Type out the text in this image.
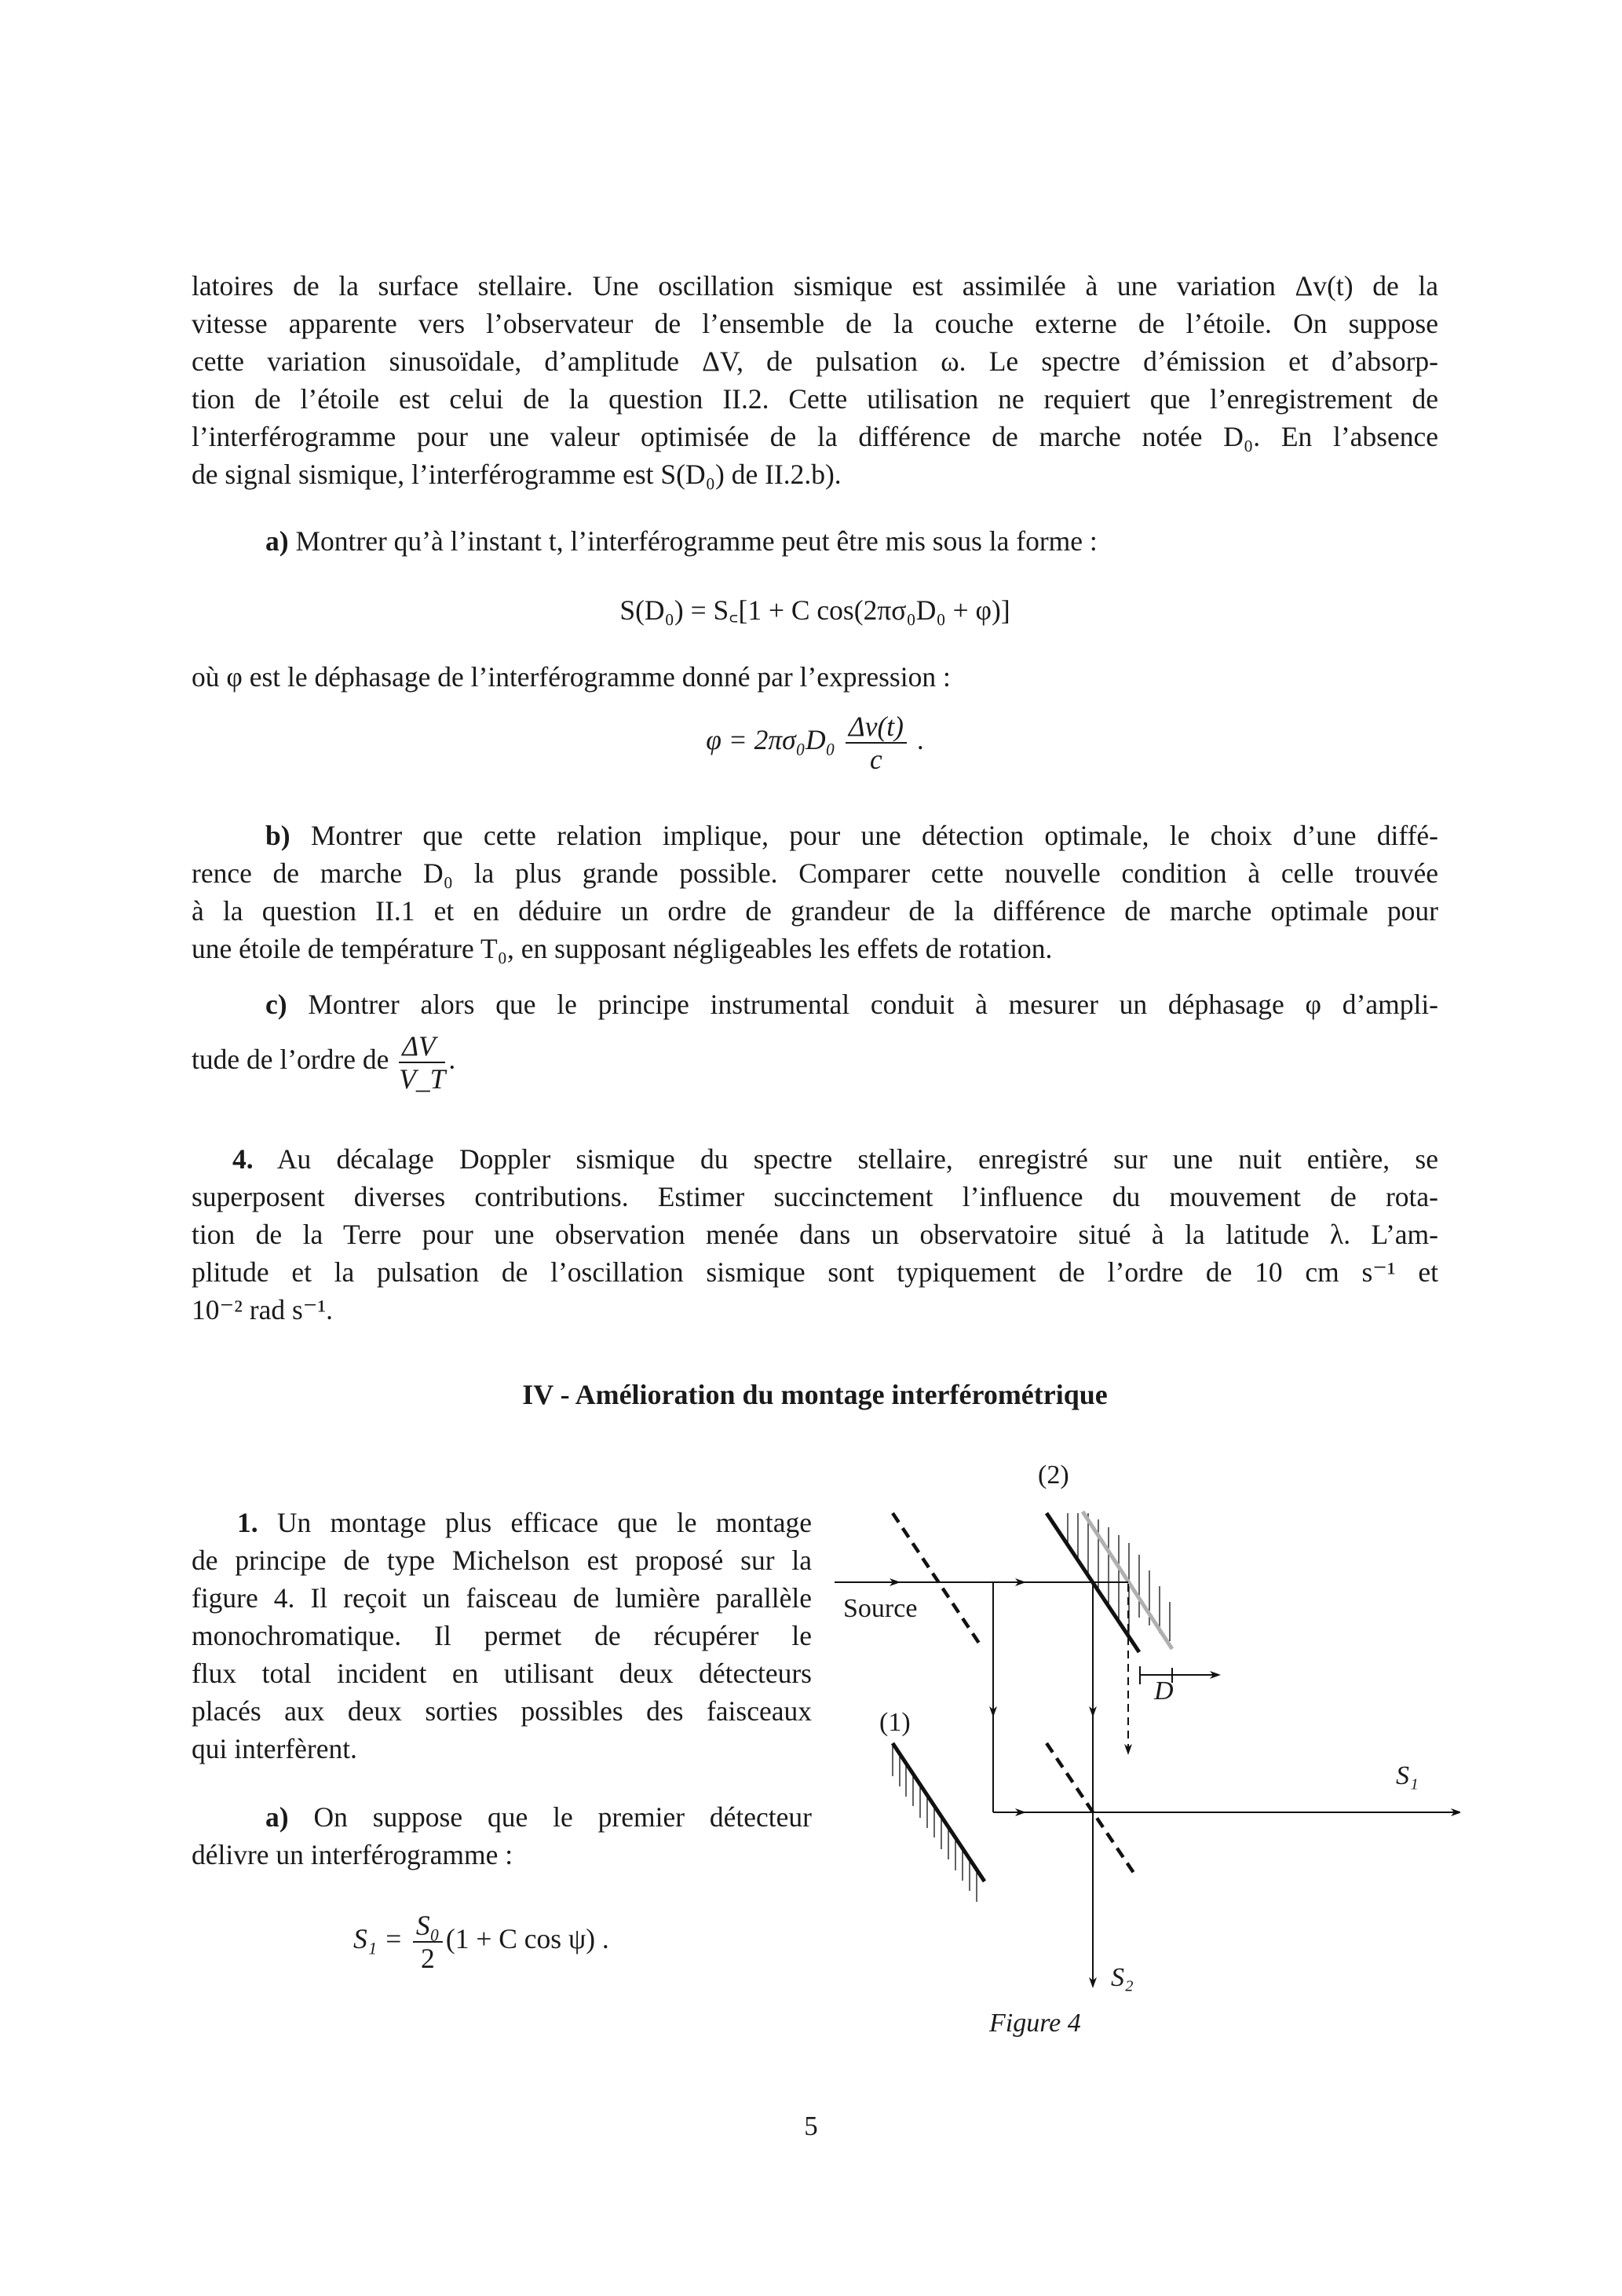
latoires de la surface stellaire. Une oscillation sismique est assimilée à une variation Δv(t) de la
vitesse apparente vers l’observateur de l’ensemble de la couche externe de l’étoile. On suppose
cette variation sinusoïdale, d’amplitude ΔV, de pulsation ω. Le spectre d’émission et d’absorp-
tion de l’étoile est celui de la question II.2. Cette utilisation ne requiert que l’enregistrement de
l’interférogramme pour une valeur optimisée de la différence de marche notée D₀. En l’absence
de signal sismique, l’interférogramme est S(D₀) de II.2.b).
a) Montrer qu’à l’instant t, l’interférogramme peut être mis sous la forme :
S(D₀) = S꜀[1 + C cos(2πσ₀D₀ + φ)]
où φ est le déphasage de l’interférogramme donné par l’expression :
$\varphi = 2\pi\sigma_0D_0 \frac{\Delta v(t)}{c}$ .
b) Montrer que cette relation implique, pour une détection optimale, le choix d’une diffé-
rence de marche D₀ la plus grande possible. Comparer cette nouvelle condition à celle trouvée
à la question II.1 et en déduire un ordre de grandeur de la différence de marche optimale pour
une étoile de température T₀, en supposant négligeables les effets de rotation.
c) Montrer alors que le principe instrumental conduit à mesurer un déphasage φ d’ampli-
tude de l’ordre de $\frac{\Delta V}{V\_T}$ .
4. Au décalage Doppler sismique du spectre stellaire, enregistré sur une nuit entière, se
superposent diverses contributions. Estimer succinctement l’influence du mouvement de rota-
tion de la Terre pour une observation menée dans un observatoire situé à la latitude λ. L’am-
plitude et la pulsation de l’oscillation sismique sont typiquement de l’ordre de 10 cm s⁻¹ et
10⁻² rad s⁻¹.
IV - Amélioration du montage interférométrique
1. Un montage plus efficace que le montage
de principe de type Michelson est proposé sur la
figure 4. Il reçoit un faisceau de lumière parallèle
monochromatique. Il permet de récupérer le
flux total incident en utilisant deux détecteurs
placés aux deux sorties possibles des faisceaux
qui interfèrent.
a) On suppose que le premier détecteur
délivre un interférogramme :
$S_1 = \frac{\text{S₀}}{2} (1 + C$ cos ψ) .
Source
(1)
(2)
D
S₁
S₂
Figure 4
5
